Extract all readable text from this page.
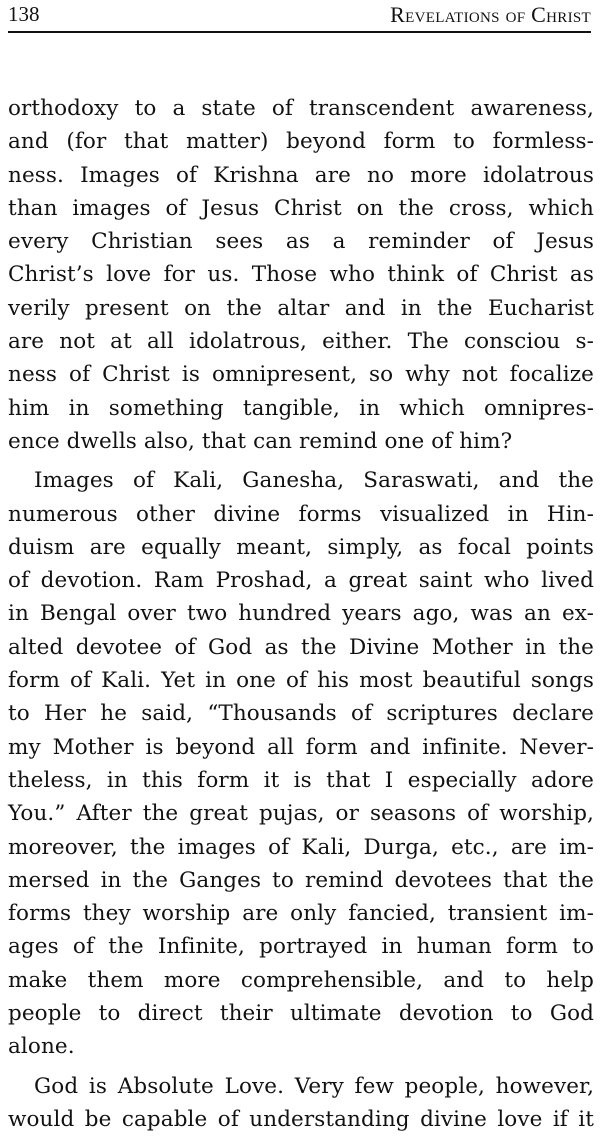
138	Revelations of Christ

orthodoxy to a state of transcendent awareness,
and (for that matter) beyond form to formless-
ness. Images of Krishna are no more idolatrous
than images of Jesus Christ on the cross, which
every Christian sees as a reminder of Jesus
Christ’s love for us. Those who think of Christ as
verily present on the altar and in the Eucharist
are not at all idolatrous, either. The consciou s-
ness of Christ is omnipresent, so why not focalize
him in something tangible, in which omnipres-
ence dwells also, that can remind one of him?

Images of Kali, Ganesha, Saraswati, and the
numerous other divine forms visualized in Hin-
duism are equally meant, simply, as focal points
of devotion. Ram Proshad, a great saint who lived
in Bengal over two hundred years ago, was an ex-
alted devotee of God as the Divine Mother in the
form of Kali. Yet in one of his most beautiful songs
to Her he said, “Thousands of scriptures declare
my Mother is beyond all form and infinite. Never-
theless, in this form it is that I especially adore
You.” After the great pujas, or seasons of worship,
moreover, the images of Kali, Durga, etc., are im-
mersed in the Ganges to remind devotees that the
forms they worship are only fancied, transient im-
ages of the Infinite, portrayed in human form to
make them more comprehensible, and to help
people to direct their ultimate devotion to God
alone.

God is Absolute Love. Very few people, however,
would be capable of understanding divine love if it
